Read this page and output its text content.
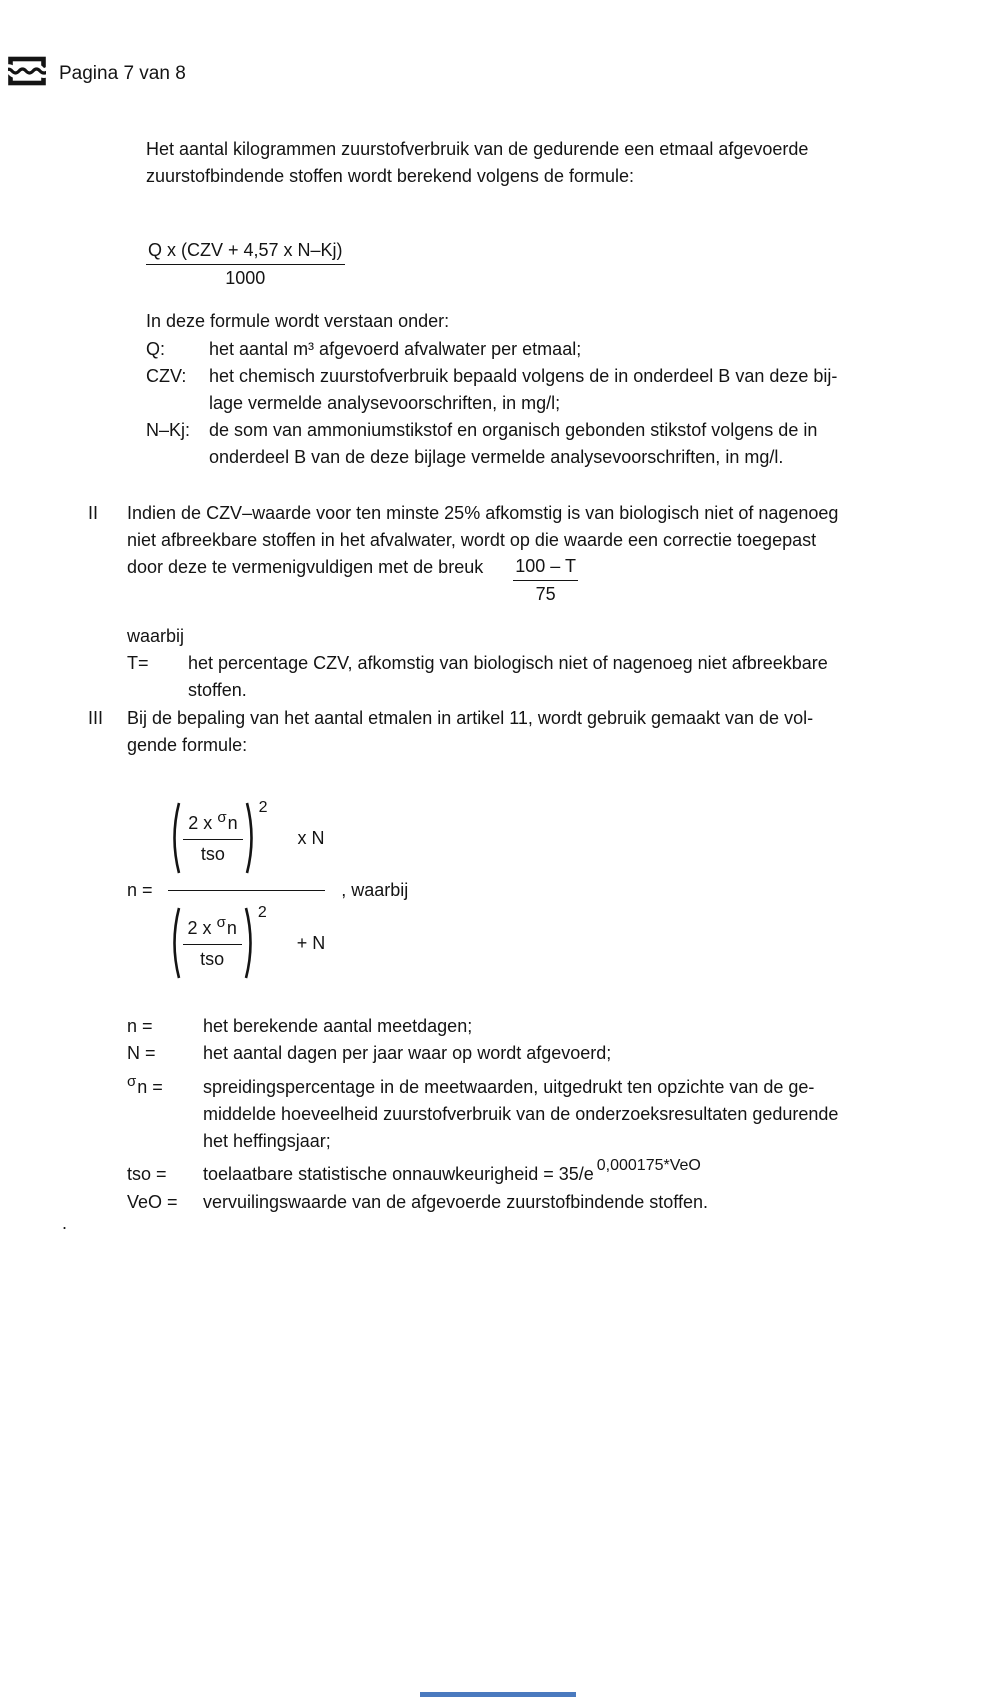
Pagina 7 van 8
Het aantal kilogrammen zuurstofverbruik van de gedurende een etmaal afgevoerde
zuurstofbindende stoffen wordt berekend volgens de formule:
$\frac{\text{Q x (CZV + 4,57 x N–Kj)}}{1000}$
In deze formule wordt verstaan onder:
Q:	het aantal m³ afgevoerd afvalwater per etmaal;
CZV:	het chemisch zuurstofverbruik bepaald volgens de in onderdeel B van deze bij-
lage vermelde analysevoorschriften, in mg/l;
N–Kj:	de som van ammoniumstikstof en organisch gebonden stikstof volgens de in
onderdeel B van de deze bijlage vermelde analysevoorschriften, in mg/l.
II	Indien de CZV–waarde voor ten minste 25% afkomstig is van biologisch niet of nagenoeg
niet afbreekbare stoffen in het afvalwater, wordt op die waarde een correctie toegepast
door deze te vermenigvuldigen met de breuk $\frac{100 - T}{75}$
waarbij
T=	het percentage CZV, afkomstig van biologisch niet of nagenoeg niet afbreekbare
stoffen.
III	Bij de bepaling van het aantal etmalen in artikel 11, wordt gebruik gemaakt van de vol-
gende formule:
n =
$\frac{2 x ^\sigma n}{\text{tso}}$
2
x N
$\frac{2 x ^\sigma n}{\text{tso}}$
2
+ N
, waarbij
n =	het berekende aantal meetdagen;
N =	het aantal dagen per jaar waar op wordt afgevoerd;
$^\sigma$n =	spreidingspercentage in de meetwaarden, uitgedrukt ten opzichte van de ge-
middelde hoeveelheid zuurstofverbruik van de onderzoeksresultaten gedurende
het heffingsjaar;
tso =	toelaatbare statistische onnauwkeurigheid = 35/e 0,000175*VeO
VeO =	vervuilingswaarde van de afgevoerde zuurstofbindende stoffen.
.
